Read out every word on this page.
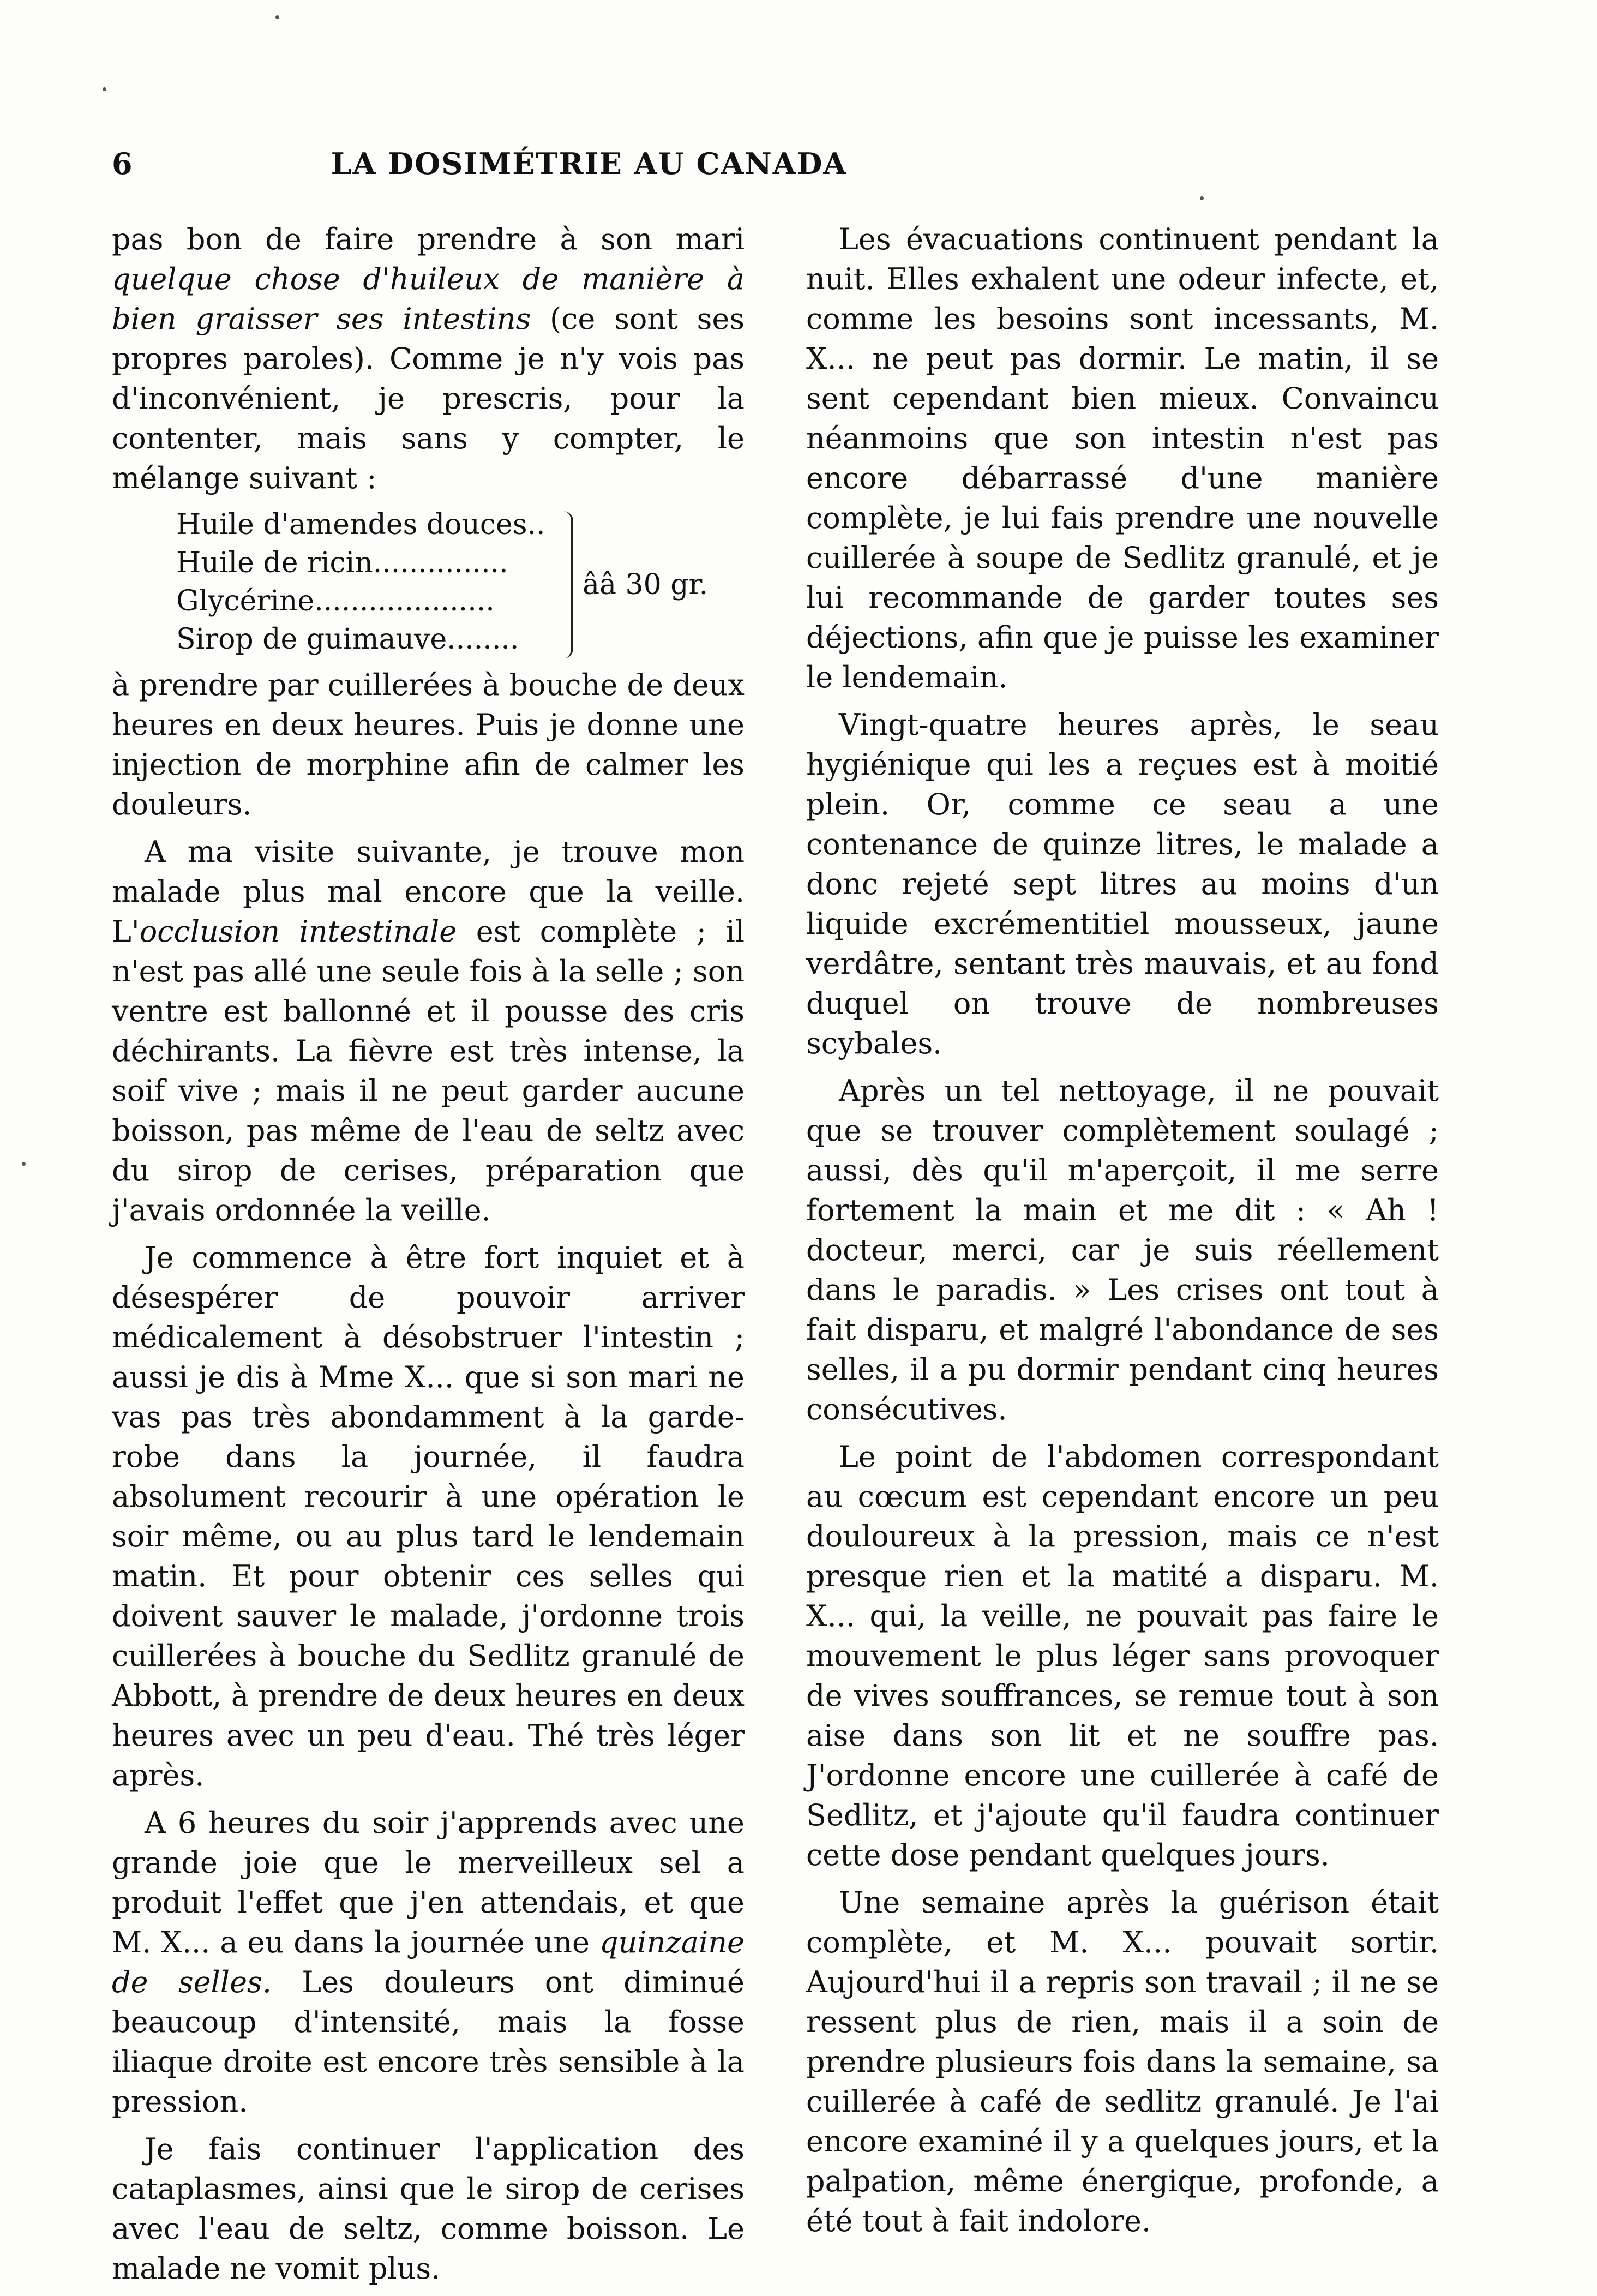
6	LA DOSIMÉTRIE AU CANADA

pas bon de faire prendre à son mari quelque chose d'huileux de manière à bien graisser ses intestins (ce sont ses propres paroles). Comme je n'y vois pas d'inconvénient, je prescris, pour la contenter, mais sans y compter, le mélange suivant :

Huile d'amendes douces..
Huile de ricin...............
Glycérine....................
Sirop de guimauve........
ââ 30 gr.

à prendre par cuillerées à bouche de deux heures en deux heures. Puis je donne une injection de morphine afin de calmer les douleurs.

A ma visite suivante, je trouve mon malade plus mal encore que la veille. L'occlusion intestinale est complète ; il n'est pas allé une seule fois à la selle ; son ventre est ballonné et il pousse des cris déchirants. La fièvre est très intense, la soif vive ; mais il ne peut garder aucune boisson, pas même de l'eau de seltz avec du sirop de cerises, préparation que j'avais ordonnée la veille.

Je commence à être fort inquiet et à désespérer de pouvoir arriver médicalement à désobstruer l'intestin ; aussi je dis à Mme X... que si son mari ne vas pas très abondamment à la garde-robe dans la journée, il faudra absolument recourir à une opération le soir même, ou au plus tard le lendemain matin. Et pour obtenir ces selles qui doivent sauver le malade, j'ordonne trois cuillerées à bouche du Sedlitz granulé de Abbott, à prendre de deux heures en deux heures avec un peu d'eau. Thé très léger après.

A 6 heures du soir j'apprends avec une grande joie que le merveilleux sel a produit l'effet que j'en attendais, et que M. X... a eu dans la journée une quinzaine de selles. Les douleurs ont diminué beaucoup d'intensité, mais la fosse iliaque droite est encore très sensible à la pression.

Je fais continuer l'application des cataplasmes, ainsi que le sirop de cerises avec l'eau de seltz, comme boisson. Le malade ne vomit plus.

Les évacuations continuent pendant la nuit. Elles exhalent une odeur infecte, et, comme les besoins sont incessants, M. X... ne peut pas dormir. Le matin, il se sent cependant bien mieux. Convaincu néanmoins que son intestin n'est pas encore débarrassé d'une manière complète, je lui fais prendre une nouvelle cuillerée à soupe de Sedlitz granulé, et je lui recommande de garder toutes ses déjections, afin que je puisse les examiner le lendemain.

Vingt-quatre heures après, le seau hygiénique qui les a reçues est à moitié plein. Or, comme ce seau a une contenance de quinze litres, le malade a donc rejeté sept litres au moins d'un liquide excrémentitiel mousseux, jaune verdâtre, sentant très mauvais, et au fond duquel on trouve de nombreuses scybales.

Après un tel nettoyage, il ne pouvait que se trouver complètement soulagé ; aussi, dès qu'il m'aperçoit, il me serre fortement la main et me dit : « Ah ! docteur, merci, car je suis réellement dans le paradis. » Les crises ont tout à fait disparu, et malgré l'abondance de ses selles, il a pu dormir pendant cinq heures consécutives.

Le point de l'abdomen correspondant au cœcum est cependant encore un peu douloureux à la pression, mais ce n'est presque rien et la matité a disparu. M. X... qui, la veille, ne pouvait pas faire le mouvement le plus léger sans provoquer de vives souffrances, se remue tout à son aise dans son lit et ne souffre pas. J'ordonne encore une cuillerée à café de Sedlitz, et j'ajoute qu'il faudra continuer cette dose pendant quelques jours.

Une semaine après la guérison était complète, et M. X... pouvait sortir. Aujourd'hui il a repris son travail ; il ne se ressent plus de rien, mais il a soin de prendre plusieurs fois dans la semaine, sa cuillerée à café de sedlitz granulé. Je l'ai encore examiné il y a quelques jours, et la palpation, même énergique, profonde, a été tout à fait indolore.
